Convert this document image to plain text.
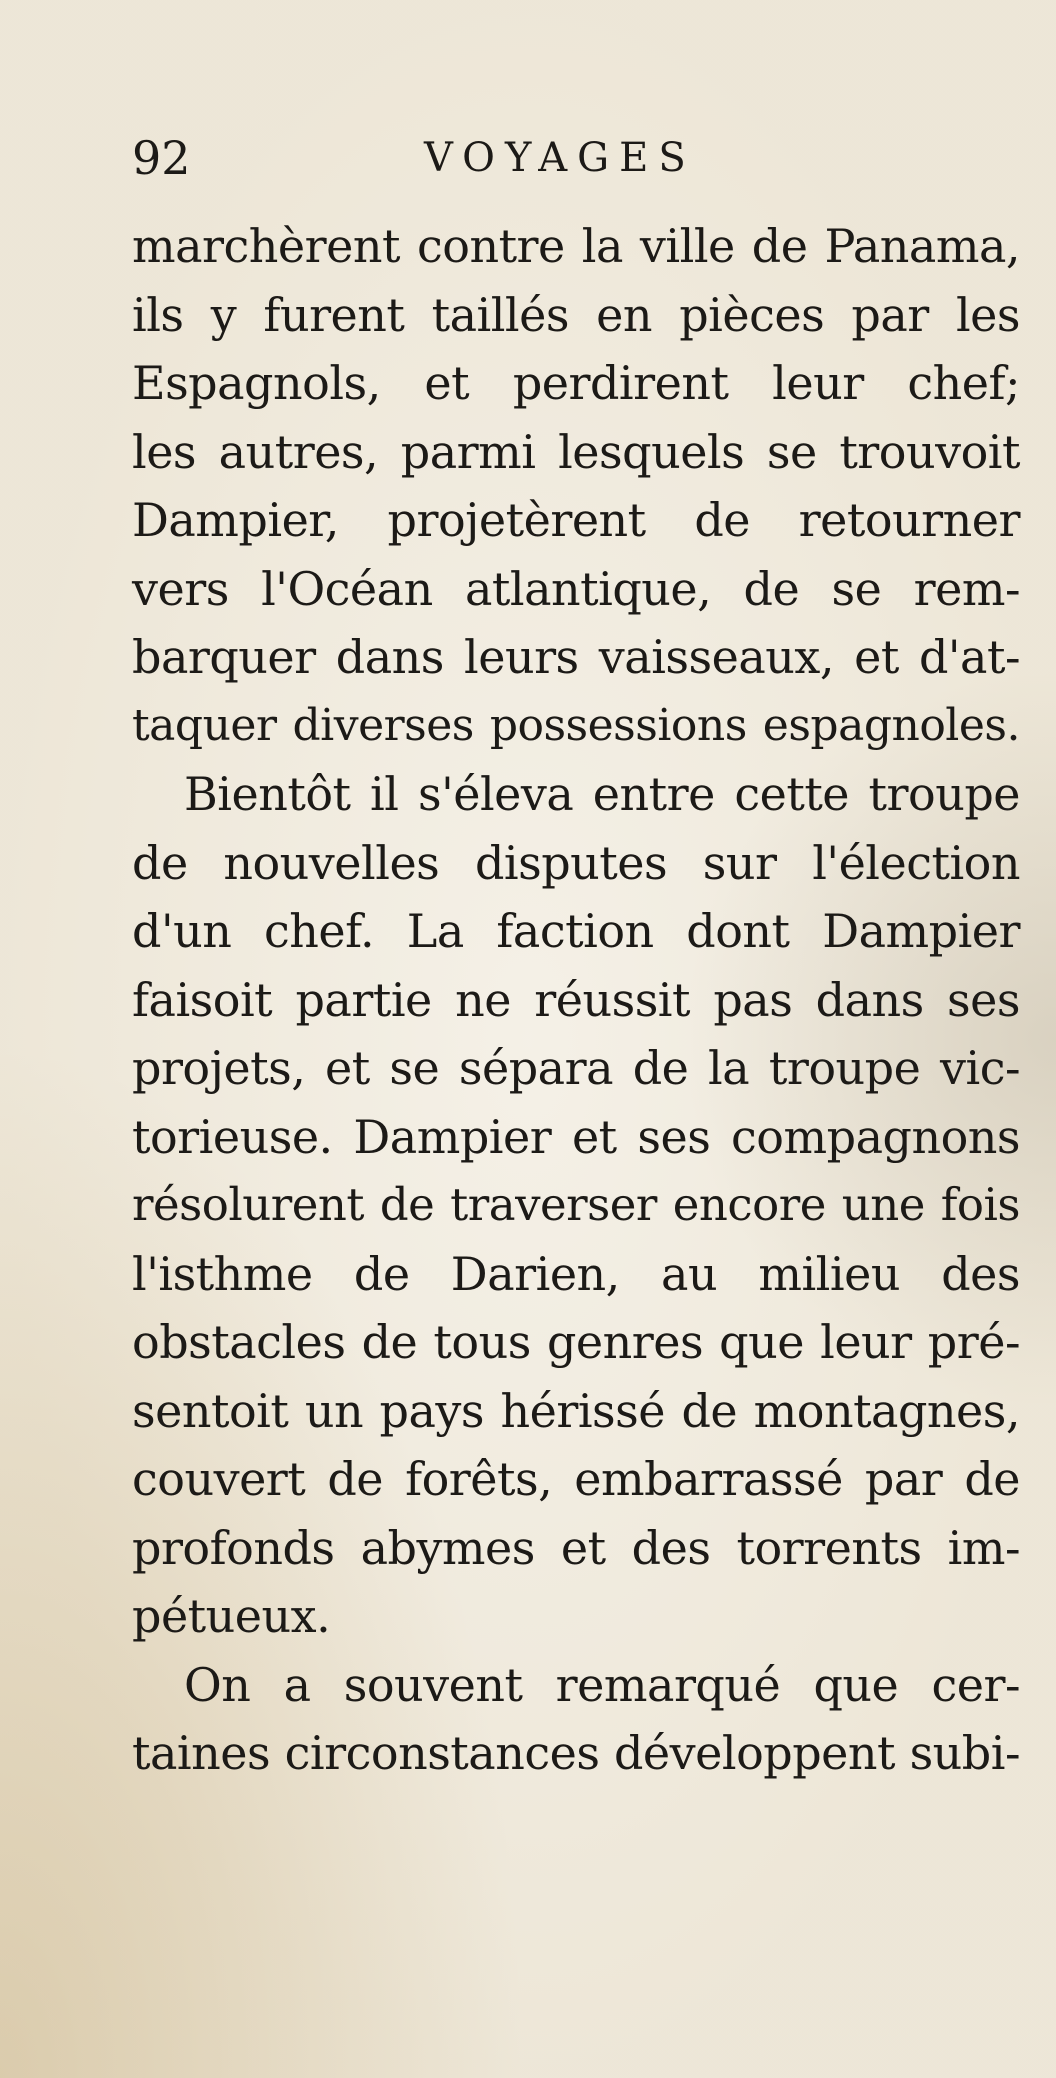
92	VOYAGES
marchèrent contre la ville de Panama,
ils y furent taillés en pièces par les
Espagnols, et perdirent leur chef;
les autres, parmi lesquels se trouvoit
Dampier, projetèrent de retourner
vers l'Océan atlantique, de se rem-
barquer dans leurs vaisseaux, et d'at-
taquer diverses possessions espagnoles.
Bientôt il s'éleva entre cette troupe
de nouvelles disputes sur l'élection
d'un chef. La faction dont Dampier
faisoit partie ne réussit pas dans ses
projets, et se sépara de la troupe vic-
torieuse. Dampier et ses compagnons
résolurent de traverser encore une fois
l'isthme de Darien, au milieu des
obstacles de tous genres que leur pré-
sentoit un pays hérissé de montagnes,
couvert de forêts, embarrassé par de
profonds abymes et des torrents im-
pétueux.
On a souvent remarqué que cer-
taines circonstances développent subi-
